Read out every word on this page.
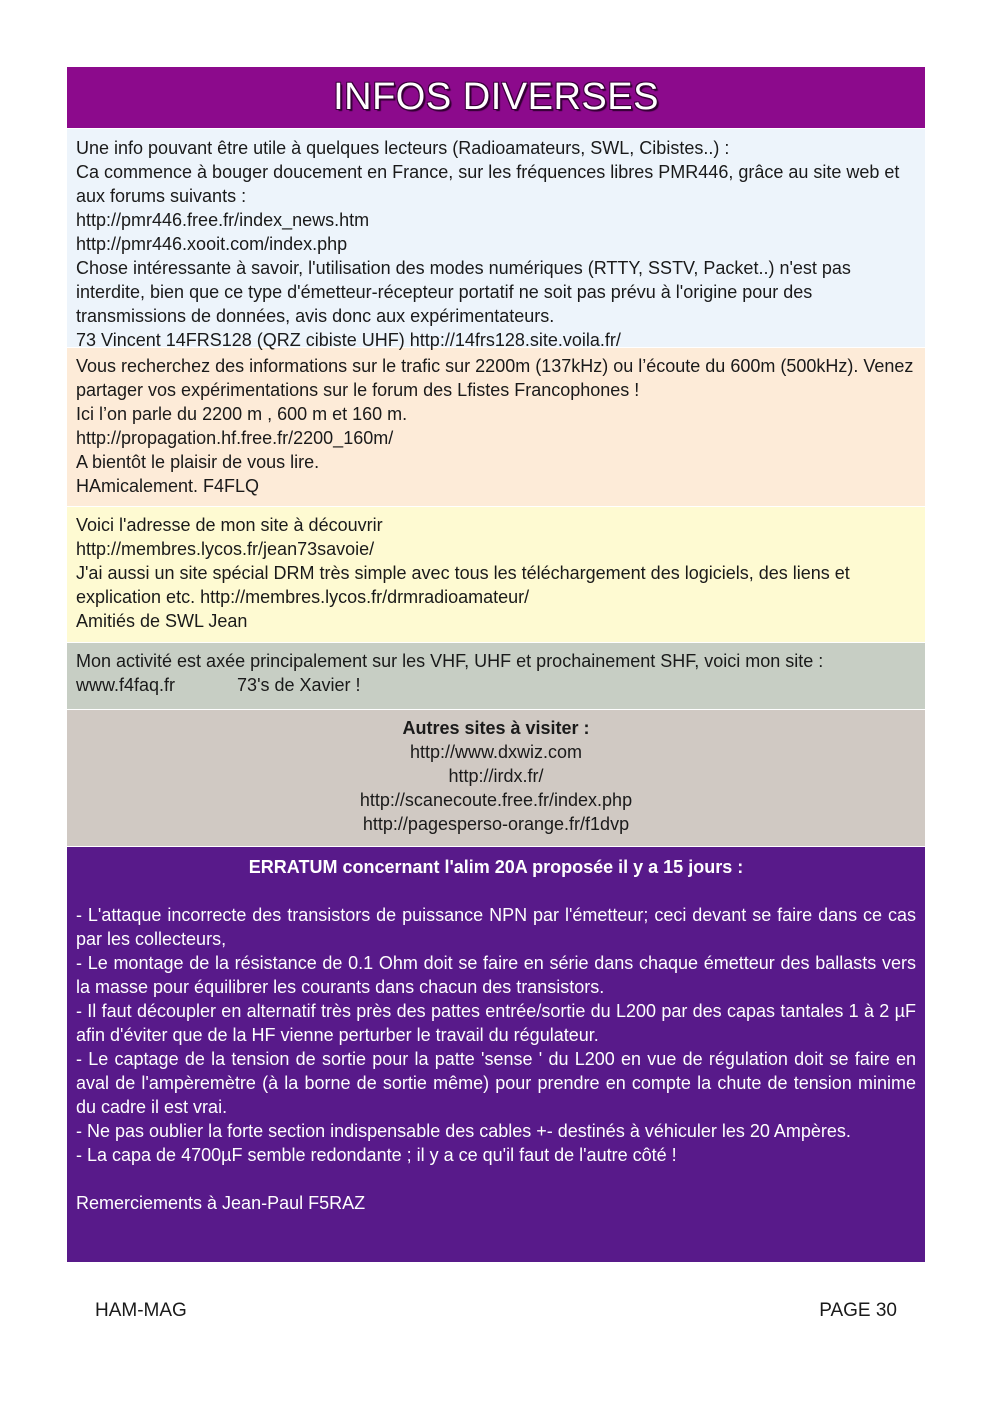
INFOS DIVERSES

Une info pouvant être utile à quelques lecteurs (Radioamateurs, SWL, Cibistes..) :

Ca commence à bouger doucement en France, sur les fréquences libres PMR446, grâce au site web et aux forums suivants :

http://pmr446.free.fr/index_news.htm

http://pmr446.xooit.com/index.php

Chose intéressante à savoir, l'utilisation des modes numériques (RTTY, SSTV, Packet..) n'est pas interdite, bien que ce type d'émetteur-récepteur portatif ne soit pas prévu à l'origine pour des transmissions de données, avis donc aux expérimentateurs.

73 Vincent 14FRS128 (QRZ cibiste UHF) http://14frs128.site.voila.fr/

Vous recherchez des informations sur le trafic sur 2200m (137kHz) ou l’écoute du 600m (500kHz). Venez partager vos expérimentations sur le forum des Lfistes Francophones !

Ici l’on parle du 2200 m , 600 m et 160 m.

http://propagation.hf.free.fr/2200_160m/

A bientôt le plaisir de vous lire.

HAmicalement. F4FLQ

Voici l'adresse de mon site à découvrir

http://membres.lycos.fr/jean73savoie/

J'ai aussi un site spécial DRM très simple avec tous les téléchargement des logiciels, des liens et explication etc. http://membres.lycos.fr/drmradioamateur/

Amitiés de SWL Jean

Mon activité est axée principalement sur les VHF, UHF et prochainement SHF, voici mon site :

www.f4faq.fr	73's de Xavier !

Autres sites à visiter :

http://www.dxwiz.com

http://irdx.fr/

http://scanecoute.free.fr/index.php

http://pagesperso-orange.fr/f1dvp

ERRATUM concernant l'alim 20A proposée il y a 15 jours :

- L'attaque incorrecte des transistors de puissance NPN par l'émetteur; ceci devant se faire dans ce cas par les collecteurs,

- Le montage de la résistance de 0.1 Ohm doit se faire en série dans chaque émetteur des ballasts vers la masse pour équilibrer les courants dans chacun des transistors.

- Il faut découpler en alternatif très près des pattes entrée/sortie du L200 par des capas tantales 1 à 2 µF afin d'éviter que de la HF vienne perturber le travail du régulateur.

- Le captage de la tension de sortie pour la patte 'sense ' du L200 en vue de régulation doit se faire en aval de l'ampèremètre (à la borne de sortie même) pour prendre en compte la chute de tension minime du cadre il est vrai.

- Ne pas oublier la forte section indispensable des cables +- destinés à véhiculer les 20 Ampères.

- La capa de 4700µF semble redondante ; il y a ce qu'il faut de l'autre côté !

Remerciements à Jean-Paul F5RAZ

HAM-MAG	PAGE 30
